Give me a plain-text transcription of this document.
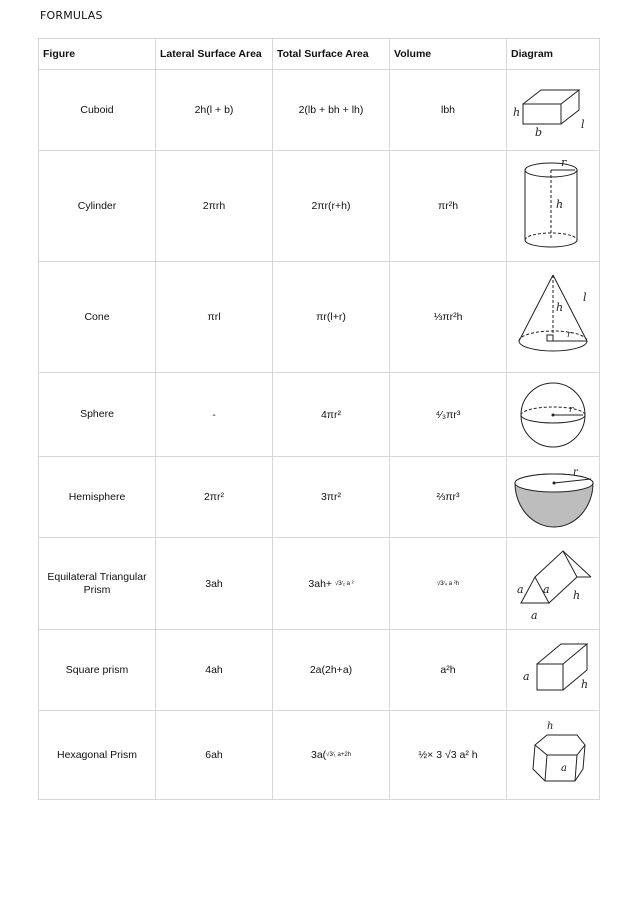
FORMULAS
Figure	Lateral Surface Area	Total Surface Area	Volume	Diagram
Cuboid	2h(l + b)	2(lb + bh + lh)	lbh	h
b
l

Cylinder	2πrh	2πr(r+h)	πr²h	r
h

Cone	πrl	πr(l+r)	⅓πr²h	h
l
r

Sphere	-	4πr²	⁴⁄₃πr³	r

Hemisphere	2πr²	3πr²	⅔πr³	r

Equilateral Triangular Prism	3ah	3ah+ √3⁄₂ a ²	√3⁄₄ a ²h	a a
a
h

Square prism	4ah	2a(2h+a)	a²h	a
h

Hexagonal Prism	6ah	3a(√3⁄₁ a+2h	½× 3 √3 a² h	h
a
